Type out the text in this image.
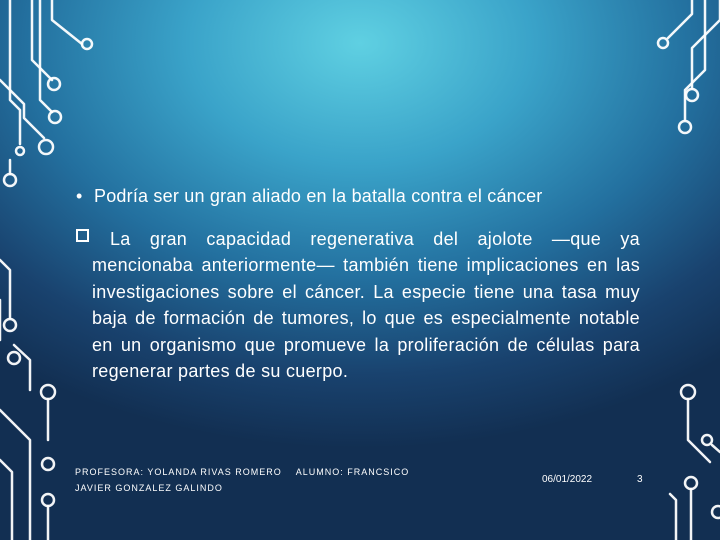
• Podría ser un gran aliado en la batalla contra el cáncer
La gran capacidad regenerativa del ajolote —que ya mencionaba anteriormente— también tiene implicaciones en las investigaciones sobre el cáncer. La especie tiene una tasa muy baja de formación de tumores, lo que es especialmente notable en un organismo que promueve la proliferación de células para regenerar partes de su cuerpo.
PROFESORA: YOLANDA RIVAS ROMERO ALUMNO: FRANCSICO
JAVIER GONZALEZ GALINDO
06/01/2022	3
